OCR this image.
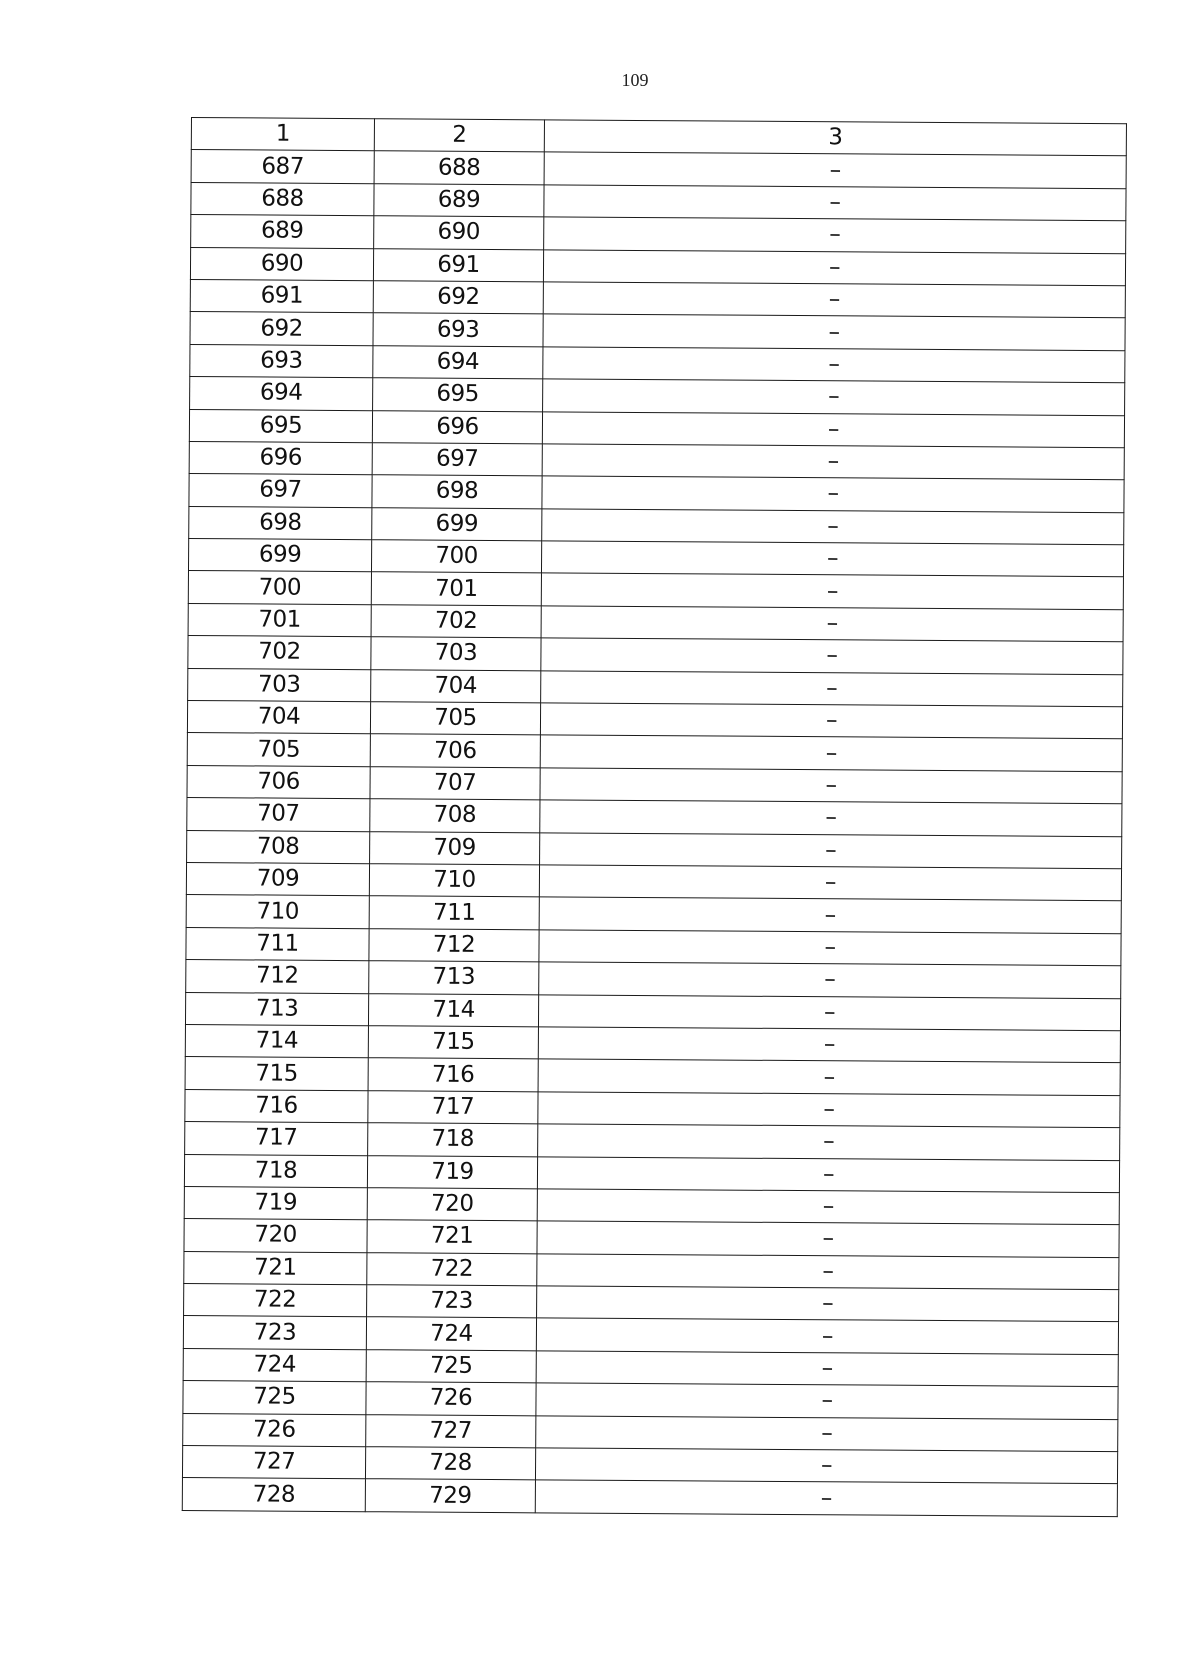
109
1	2	3
687	688	–
688	689	–
689	690	–
690	691	–
691	692	–
692	693	–
693	694	–
694	695	–
695	696	–
696	697	–
697	698	–
698	699	–
699	700	–
700	701	–
701	702	–
702	703	–
703	704	–
704	705	–
705	706	–
706	707	–
707	708	–
708	709	–
709	710	–
710	711	–
711	712	–
712	713	–
713	714	–
714	715	–
715	716	–
716	717	–
717	718	–
718	719	–
719	720	–
720	721	–
721	722	–
722	723	–
723	724	–
724	725	–
725	726	–
726	727	–
727	728	–
728	729	–
